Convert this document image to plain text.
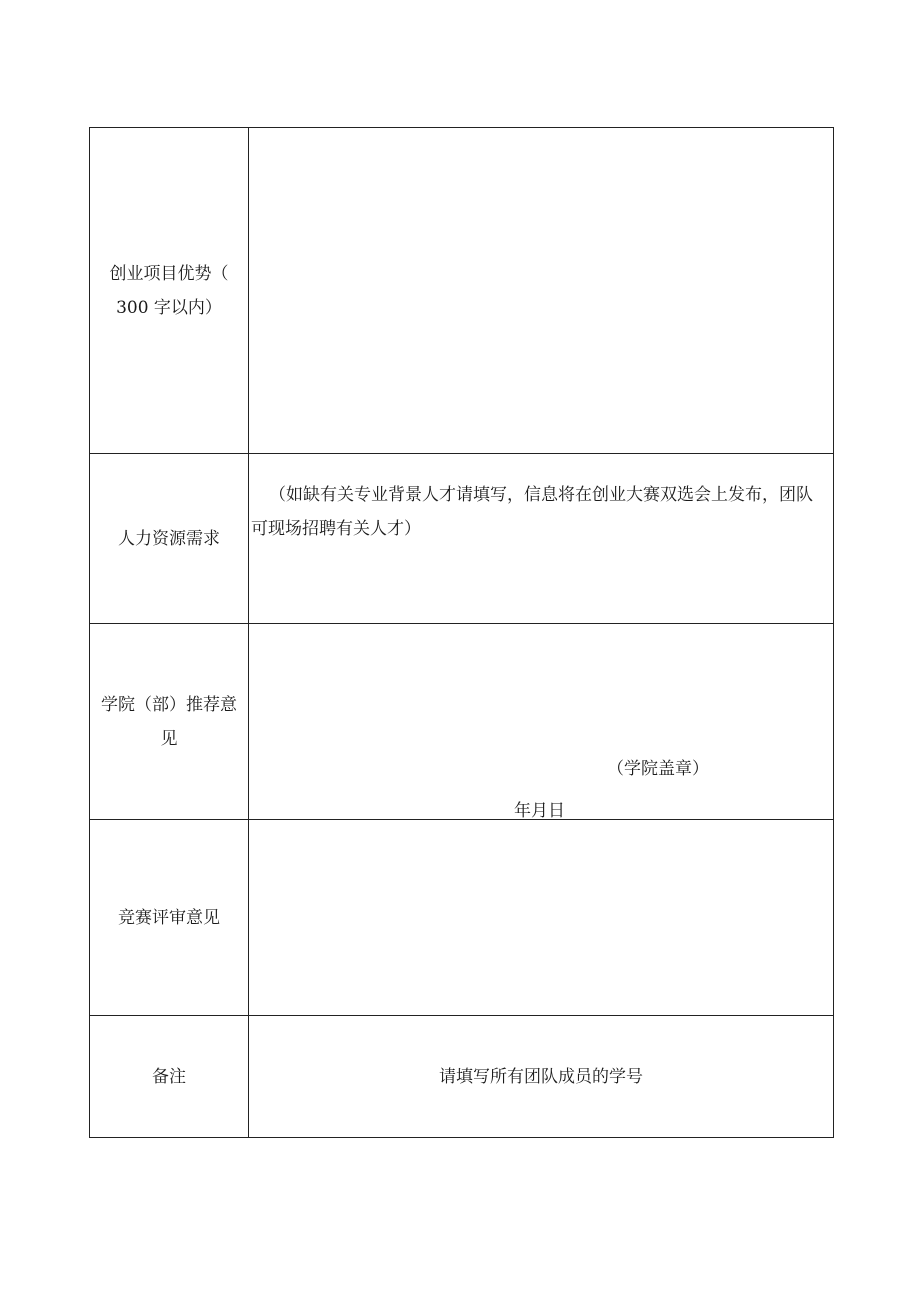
创业项目优势（
300 字以内）	

人力资源需求	（如缺有关专业背景人才请填写，信息将在创业大赛双选会上发布，团队可现场招聘有关人才）

学院（部）推荐意
见	（学院盖章）
年月日

竞赛评审意见	

备注	请填写所有团队成员的学号
